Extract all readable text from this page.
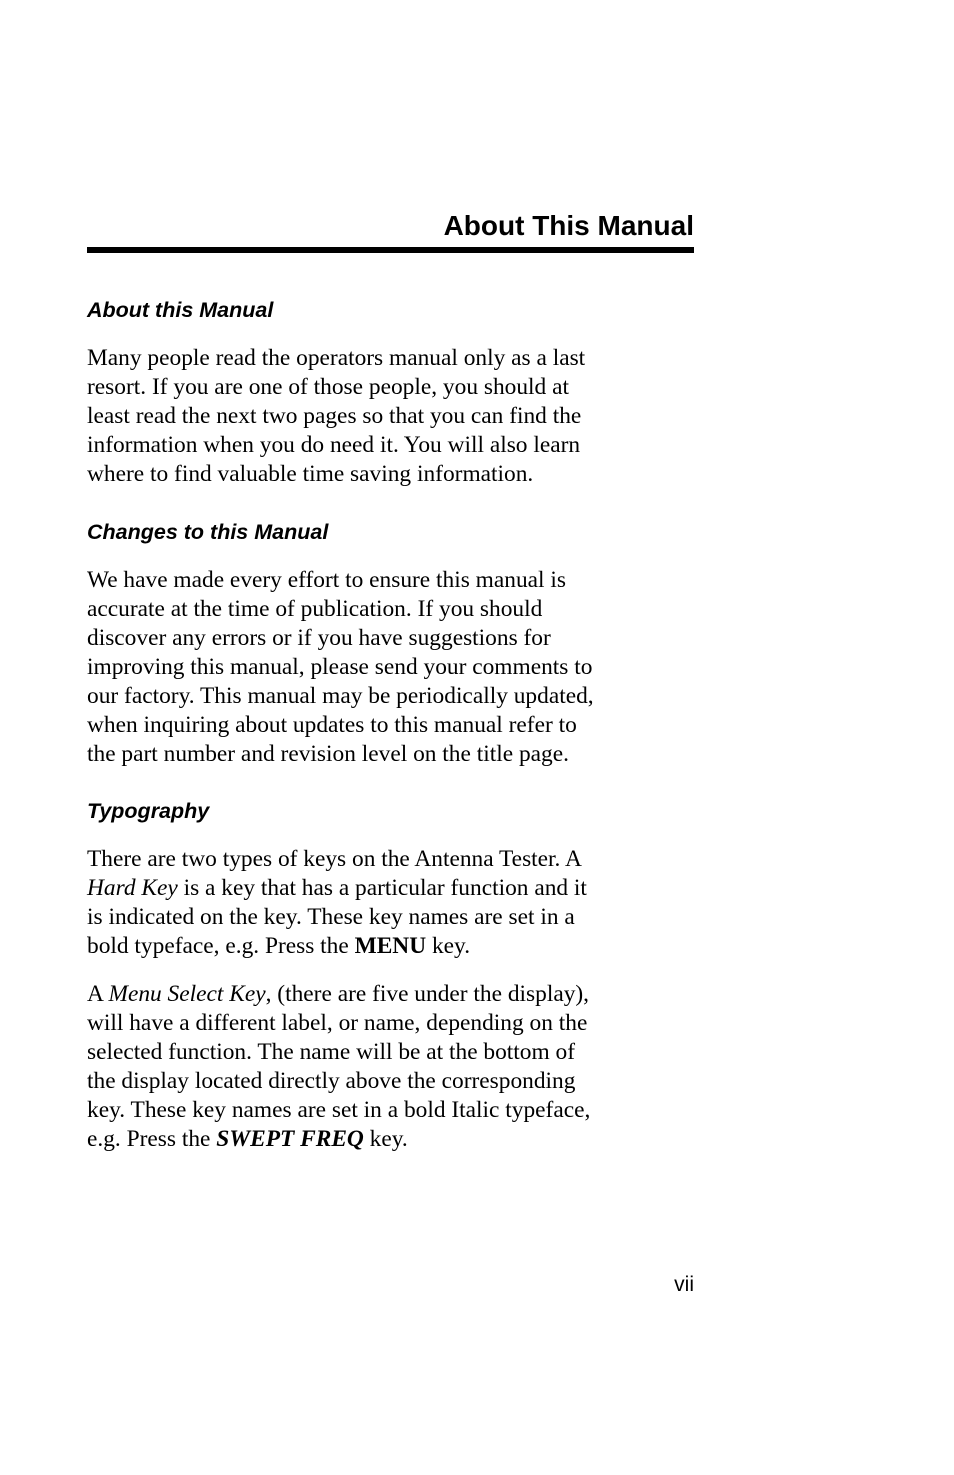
About This Manual
About this Manual

Many people read the operators manual only as a last
resort. If you are one of those people, you should at
least read the next two pages so that you can find the
information when you do need it. You will also learn
where to find valuable time saving information.

Changes to this Manual

We have made every effort to ensure this manual is
accurate at the time of publication. If you should
discover any errors or if you have suggestions for
improving this manual, please send your comments to
our factory. This manual may be periodically updated,
when inquiring about updates to this manual refer to
the part number and revision level on the title page.

Typography

There are two types of keys on the Antenna Tester. A
Hard Key is a key that has a particular function and it
is indicated on the key. These key names are set in a
bold typeface, e.g. Press the MENU key.

A Menu Select Key, (there are five under the display),
will have a different label, or name, depending on the
selected function. The name will be at the bottom of
the display located directly above the corresponding
key. These key names are set in a bold Italic typeface,
e.g. Press the SWEPT FREQ key.

vii
